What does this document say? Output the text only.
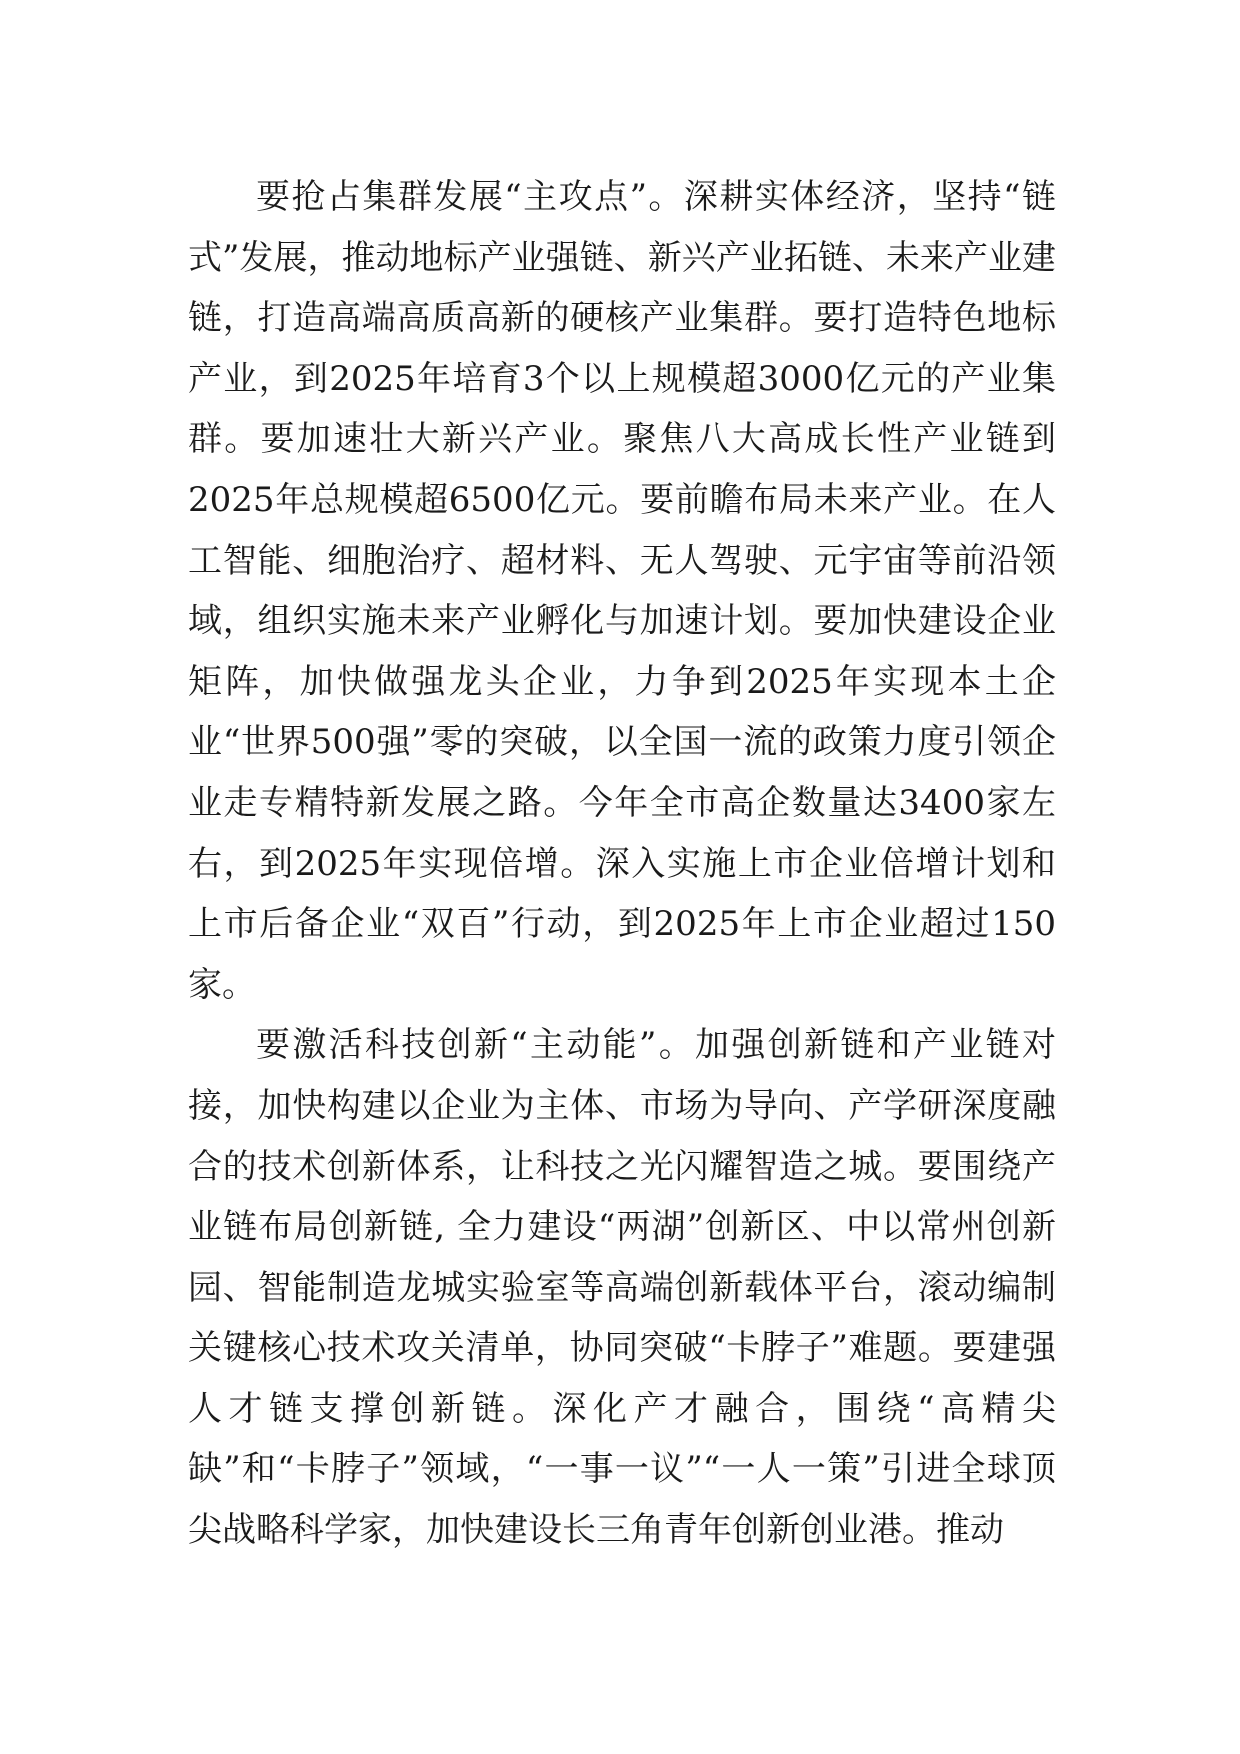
要抢占集群发展“主攻点”。深耕实体经济，坚持“链式”发展，推动地标产业强链、新兴产业拓链、未来产业建链，打造高端高质高新的硬核产业集群。要打造特色地标产业，到2025年培育3个以上规模超3000亿元的产业集群。要加速壮大新兴产业。聚焦八大高成长性产业链到2025年总规模超6500亿元。要前瞻布局未来产业。在人工智能、细胞治疗、超材料、无人驾驶、元宇宙等前沿领域，组织实施未来产业孵化与加速计划。要加快建设企业矩阵，加快做强龙头企业，力争到2025年实现本土企业“世界500强”零的突破，以全国一流的政策力度引领企业走专精特新发展之路。今年全市高企数量达3400家左右，到2025年实现倍增。深入实施上市企业倍增计划和上市后备企业“双百”行动，到2025年上市企业超过150家。

要激活科技创新“主动能”。加强创新链和产业链对接，加快构建以企业为主体、市场为导向、产学研深度融合的技术创新体系，让科技之光闪耀智造之城。要围绕产业链布局创新链, 全力建设“两湖”创新区、中以常州创新园、智能制造龙城实验室等高端创新载体平台，滚动编制关键核心技术攻关清单，协同突破“卡脖子”难题。要建强人才链支撑创新链。深化产才融合，围绕“高精尖缺”和“卡脖子”领域，“一事一议”“一人一策”引进全球顶尖战略科学家，加快建设长三角青年创新创业港。推动
